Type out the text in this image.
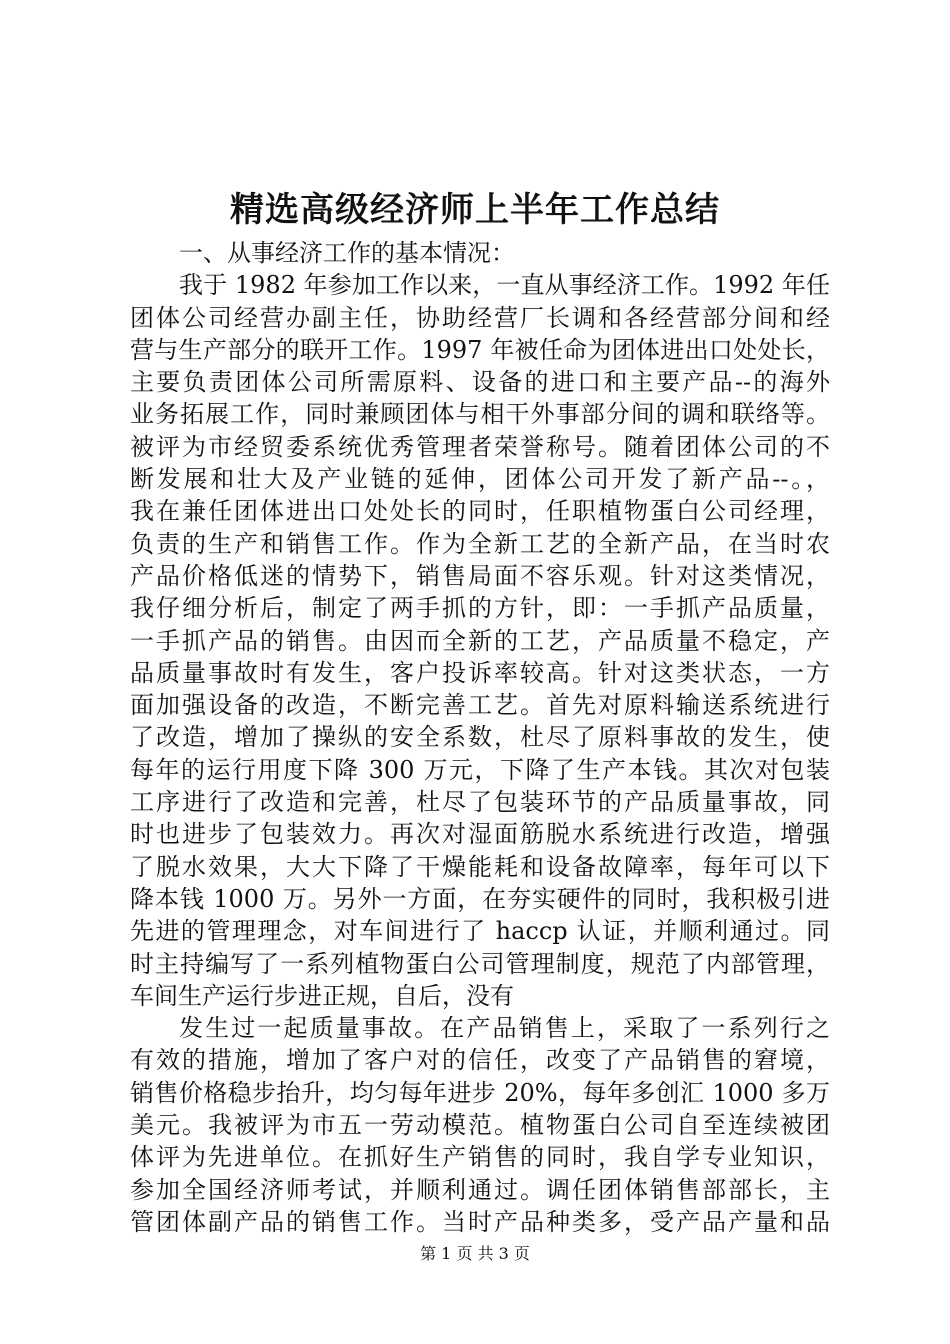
精选高级经济师上半年工作总结
一、从事经济工作的基本情况：
我于 1982 年参加工作以来，一直从事经济工作。1992 年任
团体公司经营办副主任，协助经营厂长调和各经营部分间和经
营与生产部分的联开工作。1997 年被任命为团体进出口处处长，
主要负责团体公司所需原料、设备的进口和主要产品--的海外
业务拓展工作，同时兼顾团体与相干外事部分间的调和联络等。
被评为市经贸委系统优秀管理者荣誉称号。随着团体公司的不
断发展和壮大及产业链的延伸，团体公司开发了新产品--。，
我在兼任团体进出口处处长的同时，任职植物蛋白公司经理，
负责的生产和销售工作。作为全新工艺的全新产品，在当时农
产品价格低迷的情势下，销售局面不容乐观。针对这类情况，
我仔细分析后，制定了两手抓的方针，即：一手抓产品质量，
一手抓产品的销售。由因而全新的工艺，产品质量不稳定，产
品质量事故时有发生，客户投诉率较高。针对这类状态，一方
面加强设备的改造，不断完善工艺。首先对原料输送系统进行
了改造，增加了操纵的安全系数，杜尽了原料事故的发生，使
每年的运行用度下降 300 万元，下降了生产本钱。其次对包装
工序进行了改造和完善，杜尽了包装环节的产品质量事故，同
时也进步了包装效力。再次对湿面筋脱水系统进行改造，增强
了脱水效果，大大下降了干燥能耗和设备故障率，每年可以下
降本钱 1000 万。另外一方面，在夯实硬件的同时，我积极引进
先进的管理理念，对车间进行了 haccp 认证，并顺利通过。同
时主持编写了一系列植物蛋白公司管理制度，规范了内部管理，
车间生产运行步进正规，自后，没有
发生过一起质量事故。在产品销售上，采取了一系列行之
有效的措施，增加了客户对的信任，改变了产品销售的窘境，
销售价格稳步抬升，均匀每年进步 20%，每年多创汇 1000 多万
美元。我被评为市五一劳动模范。植物蛋白公司自至连续被团
体评为先进单位。在抓好生产销售的同时，我自学专业知识，
参加全国经济师考试，并顺利通过。调任团体销售部部长，主
管团体副产品的销售工作。当时产品种类多，受产品产量和品
第 1 页 共 3 页
